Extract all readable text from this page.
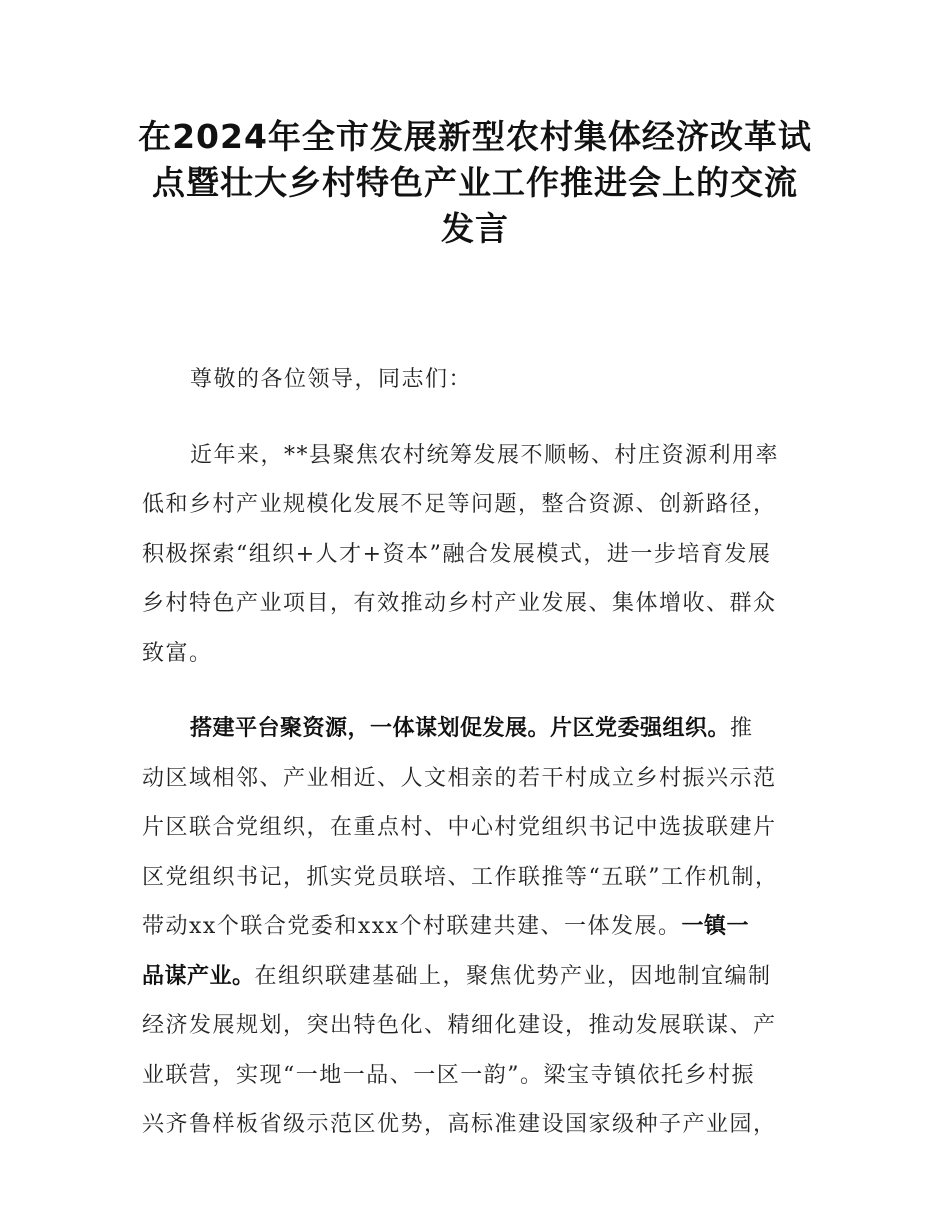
在2024年全市发展新型农村集体经济改革试
点暨壮大乡村特色产业工作推进会上的交流
发言

尊敬的各位领导，同志们：

近年来，**县聚焦农村统筹发展不顺畅、村庄资源利用率
低和乡村产业规模化发展不足等问题，整合资源、创新路径，
积极探索“组织+人才+资本”融合发展模式，进一步培育发展
乡村特色产业项目，有效推动乡村产业发展、集体增收、群众
致富。

搭建平台聚资源，一体谋划促发展。片区党委强组织。推
动区域相邻、产业相近、人文相亲的若干村成立乡村振兴示范
片区联合党组织，在重点村、中心村党组织书记中选拔联建片
区党组织书记，抓实党员联培、工作联推等“五联”工作机制，
带动xx个联合党委和xxx个村联建共建、一体发展。一镇一
品谋产业。在组织联建基础上，聚焦优势产业，因地制宜编制
经济发展规划，突出特色化、精细化建设，推动发展联谋、产
业联营，实现“一地一品、一区一韵”。梁宝寺镇依托乡村振
兴齐鲁样板省级示范区优势，高标准建设国家级种子产业园，
